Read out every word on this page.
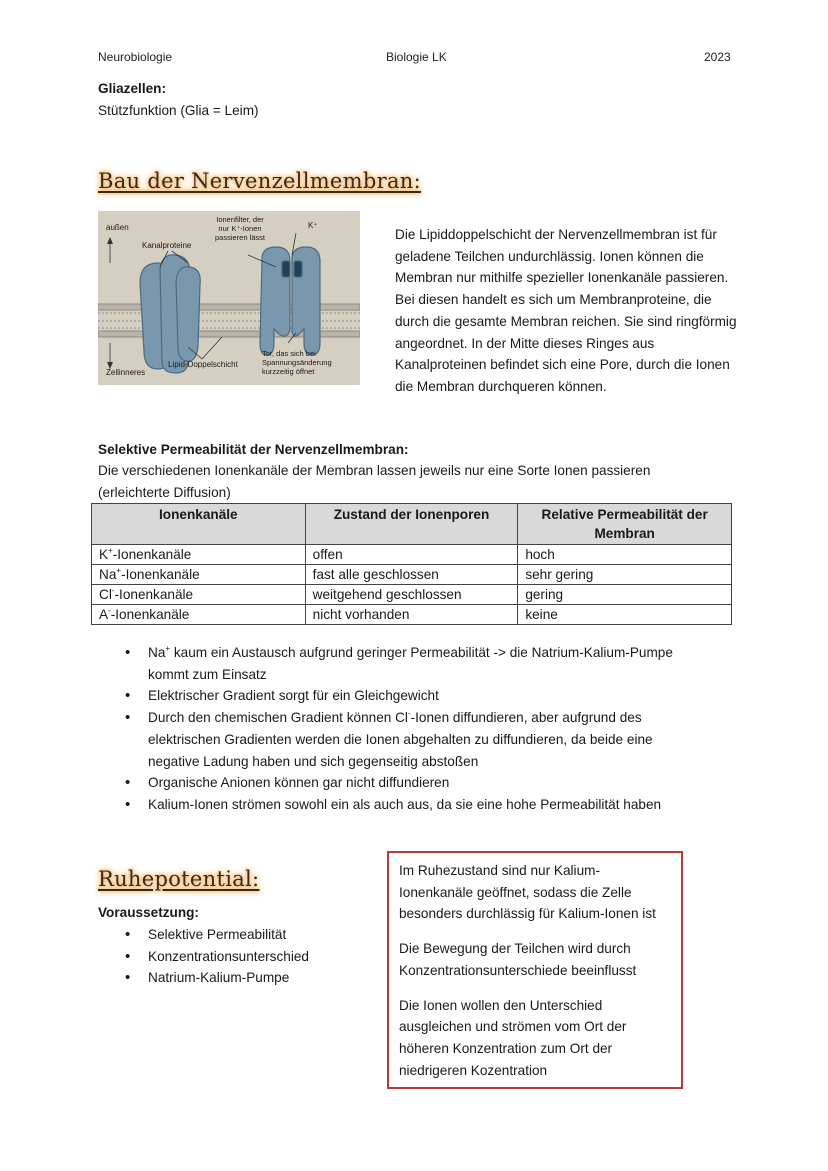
Neurobiologie	Biologie LK	2023
Gliazellen:
Stützfunktion (Glia = Leim)
Bau der Nervenzellmembran:
außen
Zellinneres
Kanalproteine
Ionenfilter, der
nur K⁺-Ionen
passieren lässt
K⁺
Lipid-Doppelschicht
Tor, das sich bei
Spannungsänderung
kurzzeitig öffnet
Die Lipiddoppelschicht der Nervenzellmembran ist für geladene Teilchen undurchlässig. Ionen können die Membran nur mithilfe spezieller Ionenkanäle passieren. Bei diesen handelt es sich um Membranproteine, die durch die gesamte Membran reichen. Sie sind ringförmig angeordnet. In der Mitte dieses Ringes aus Kanalproteinen befindet sich eine Pore, durch die Ionen die Membran durchqueren können.
Selektive Permeabilität der Nervenzellmembran:
Die verschiedenen Ionenkanäle der Membran lassen jeweils nur eine Sorte Ionen passieren
(erleichterte Diffusion)
Ionenkanäle	Zustand der Ionenporen	Relative Permeabilität der Membran
K+-Ionenkanäle	offen	hoch
Na+-Ionenkanäle	fast alle geschlossen	sehr gering
Cl--Ionenkanäle	weitgehend geschlossen	gering
A--Ionenkanäle	nicht vorhanden	keine
• Na+ kaum ein Austausch aufgrund geringer Permeabilität -> die Natrium-Kalium-Pumpe
kommt zum Einsatz
• Elektrischer Gradient sorgt für ein Gleichgewicht
• Durch den chemischen Gradient können Cl--Ionen diffundieren, aber aufgrund des
elektrischen Gradienten werden die Ionen abgehalten zu diffundieren, da beide eine
negative Ladung haben und sich gegenseitig abstoßen
• Organische Anionen können gar nicht diffundieren
• Kalium-Ionen strömen sowohl ein als auch aus, da sie eine hohe Permeabilität haben
Ruhepotential:
Voraussetzung:
• Selektive Permeabilität
• Konzentrationsunterschied
• Natrium-Kalium-Pumpe

Im Ruhezustand sind nur Kalium-Ionenkanäle geöffnet, sodass die Zelle besonders durchlässig für Kalium-Ionen ist

Die Bewegung der Teilchen wird durch Konzentrationsunterschiede beeinflusst

Die Ionen wollen den Unterschied ausgleichen und strömen vom Ort der höheren Konzentration zum Ort der niedrigeren Kozentration
